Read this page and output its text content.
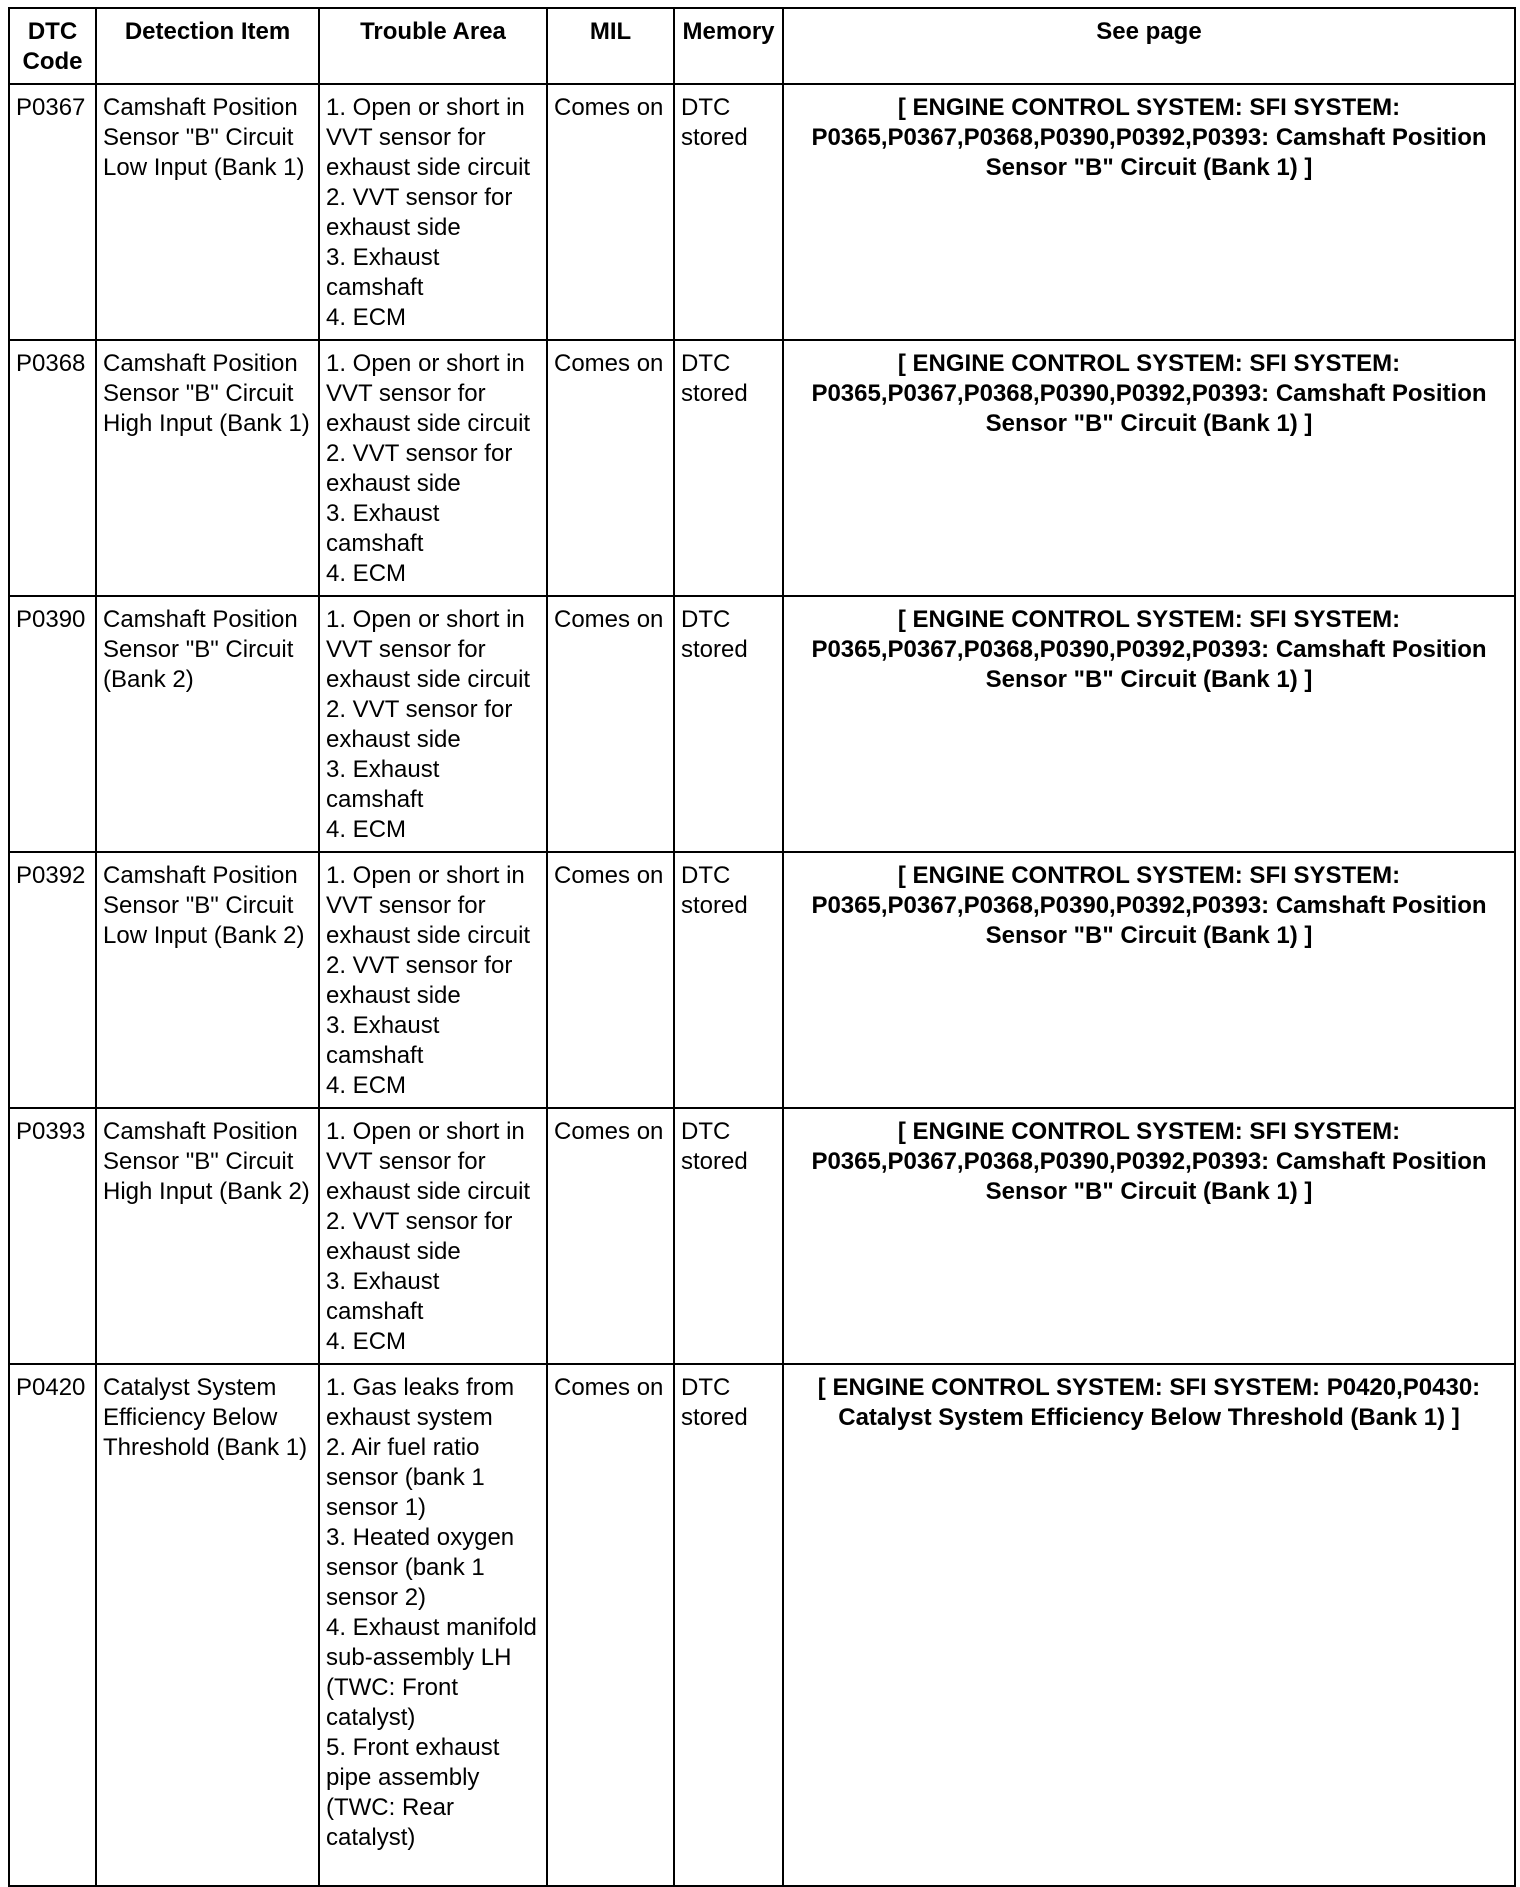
DTC Code	Detection Item	Trouble Area	MIL	Memory	See page
P0367	Camshaft Position Sensor "B" Circuit Low Input (Bank 1)	1. Open or short in VVT sensor for exhaust side circuit
2. VVT sensor for exhaust side
3. Exhaust camshaft
4. ECM	Comes on	DTC stored	[ ENGINE CONTROL SYSTEM: SFI SYSTEM: P0365,P0367,P0368,P0390,P0392,P0393: Camshaft Position Sensor "B" Circuit (Bank 1) ]
P0368	Camshaft Position Sensor "B" Circuit High Input (Bank 1)	1. Open or short in VVT sensor for exhaust side circuit
2. VVT sensor for exhaust side
3. Exhaust camshaft
4. ECM	Comes on	DTC stored	[ ENGINE CONTROL SYSTEM: SFI SYSTEM: P0365,P0367,P0368,P0390,P0392,P0393: Camshaft Position Sensor "B" Circuit (Bank 1) ]
P0390	Camshaft Position Sensor "B" Circuit (Bank 2)	1. Open or short in VVT sensor for exhaust side circuit
2. VVT sensor for exhaust side
3. Exhaust camshaft
4. ECM	Comes on	DTC stored	[ ENGINE CONTROL SYSTEM: SFI SYSTEM: P0365,P0367,P0368,P0390,P0392,P0393: Camshaft Position Sensor "B" Circuit (Bank 1) ]
P0392	Camshaft Position Sensor "B" Circuit Low Input (Bank 2)	1. Open or short in VVT sensor for exhaust side circuit
2. VVT sensor for exhaust side
3. Exhaust camshaft
4. ECM	Comes on	DTC stored	[ ENGINE CONTROL SYSTEM: SFI SYSTEM: P0365,P0367,P0368,P0390,P0392,P0393: Camshaft Position Sensor "B" Circuit (Bank 1) ]
P0393	Camshaft Position Sensor "B" Circuit High Input (Bank 2)	1. Open or short in VVT sensor for exhaust side circuit
2. VVT sensor for exhaust side
3. Exhaust camshaft
4. ECM	Comes on	DTC stored	[ ENGINE CONTROL SYSTEM: SFI SYSTEM: P0365,P0367,P0368,P0390,P0392,P0393: Camshaft Position Sensor "B" Circuit (Bank 1) ]
P0420	Catalyst System Efficiency Below Threshold (Bank 1)	1. Gas leaks from exhaust system
2. Air fuel ratio sensor (bank 1 sensor 1)
3. Heated oxygen sensor (bank 1 sensor 2)
4. Exhaust manifold sub-assembly LH (TWC: Front catalyst)
5. Front exhaust pipe assembly (TWC: Rear catalyst)	Comes on	DTC stored	[ ENGINE CONTROL SYSTEM: SFI SYSTEM: P0420,P0430: Catalyst System Efficiency Below Threshold (Bank 1) ]
